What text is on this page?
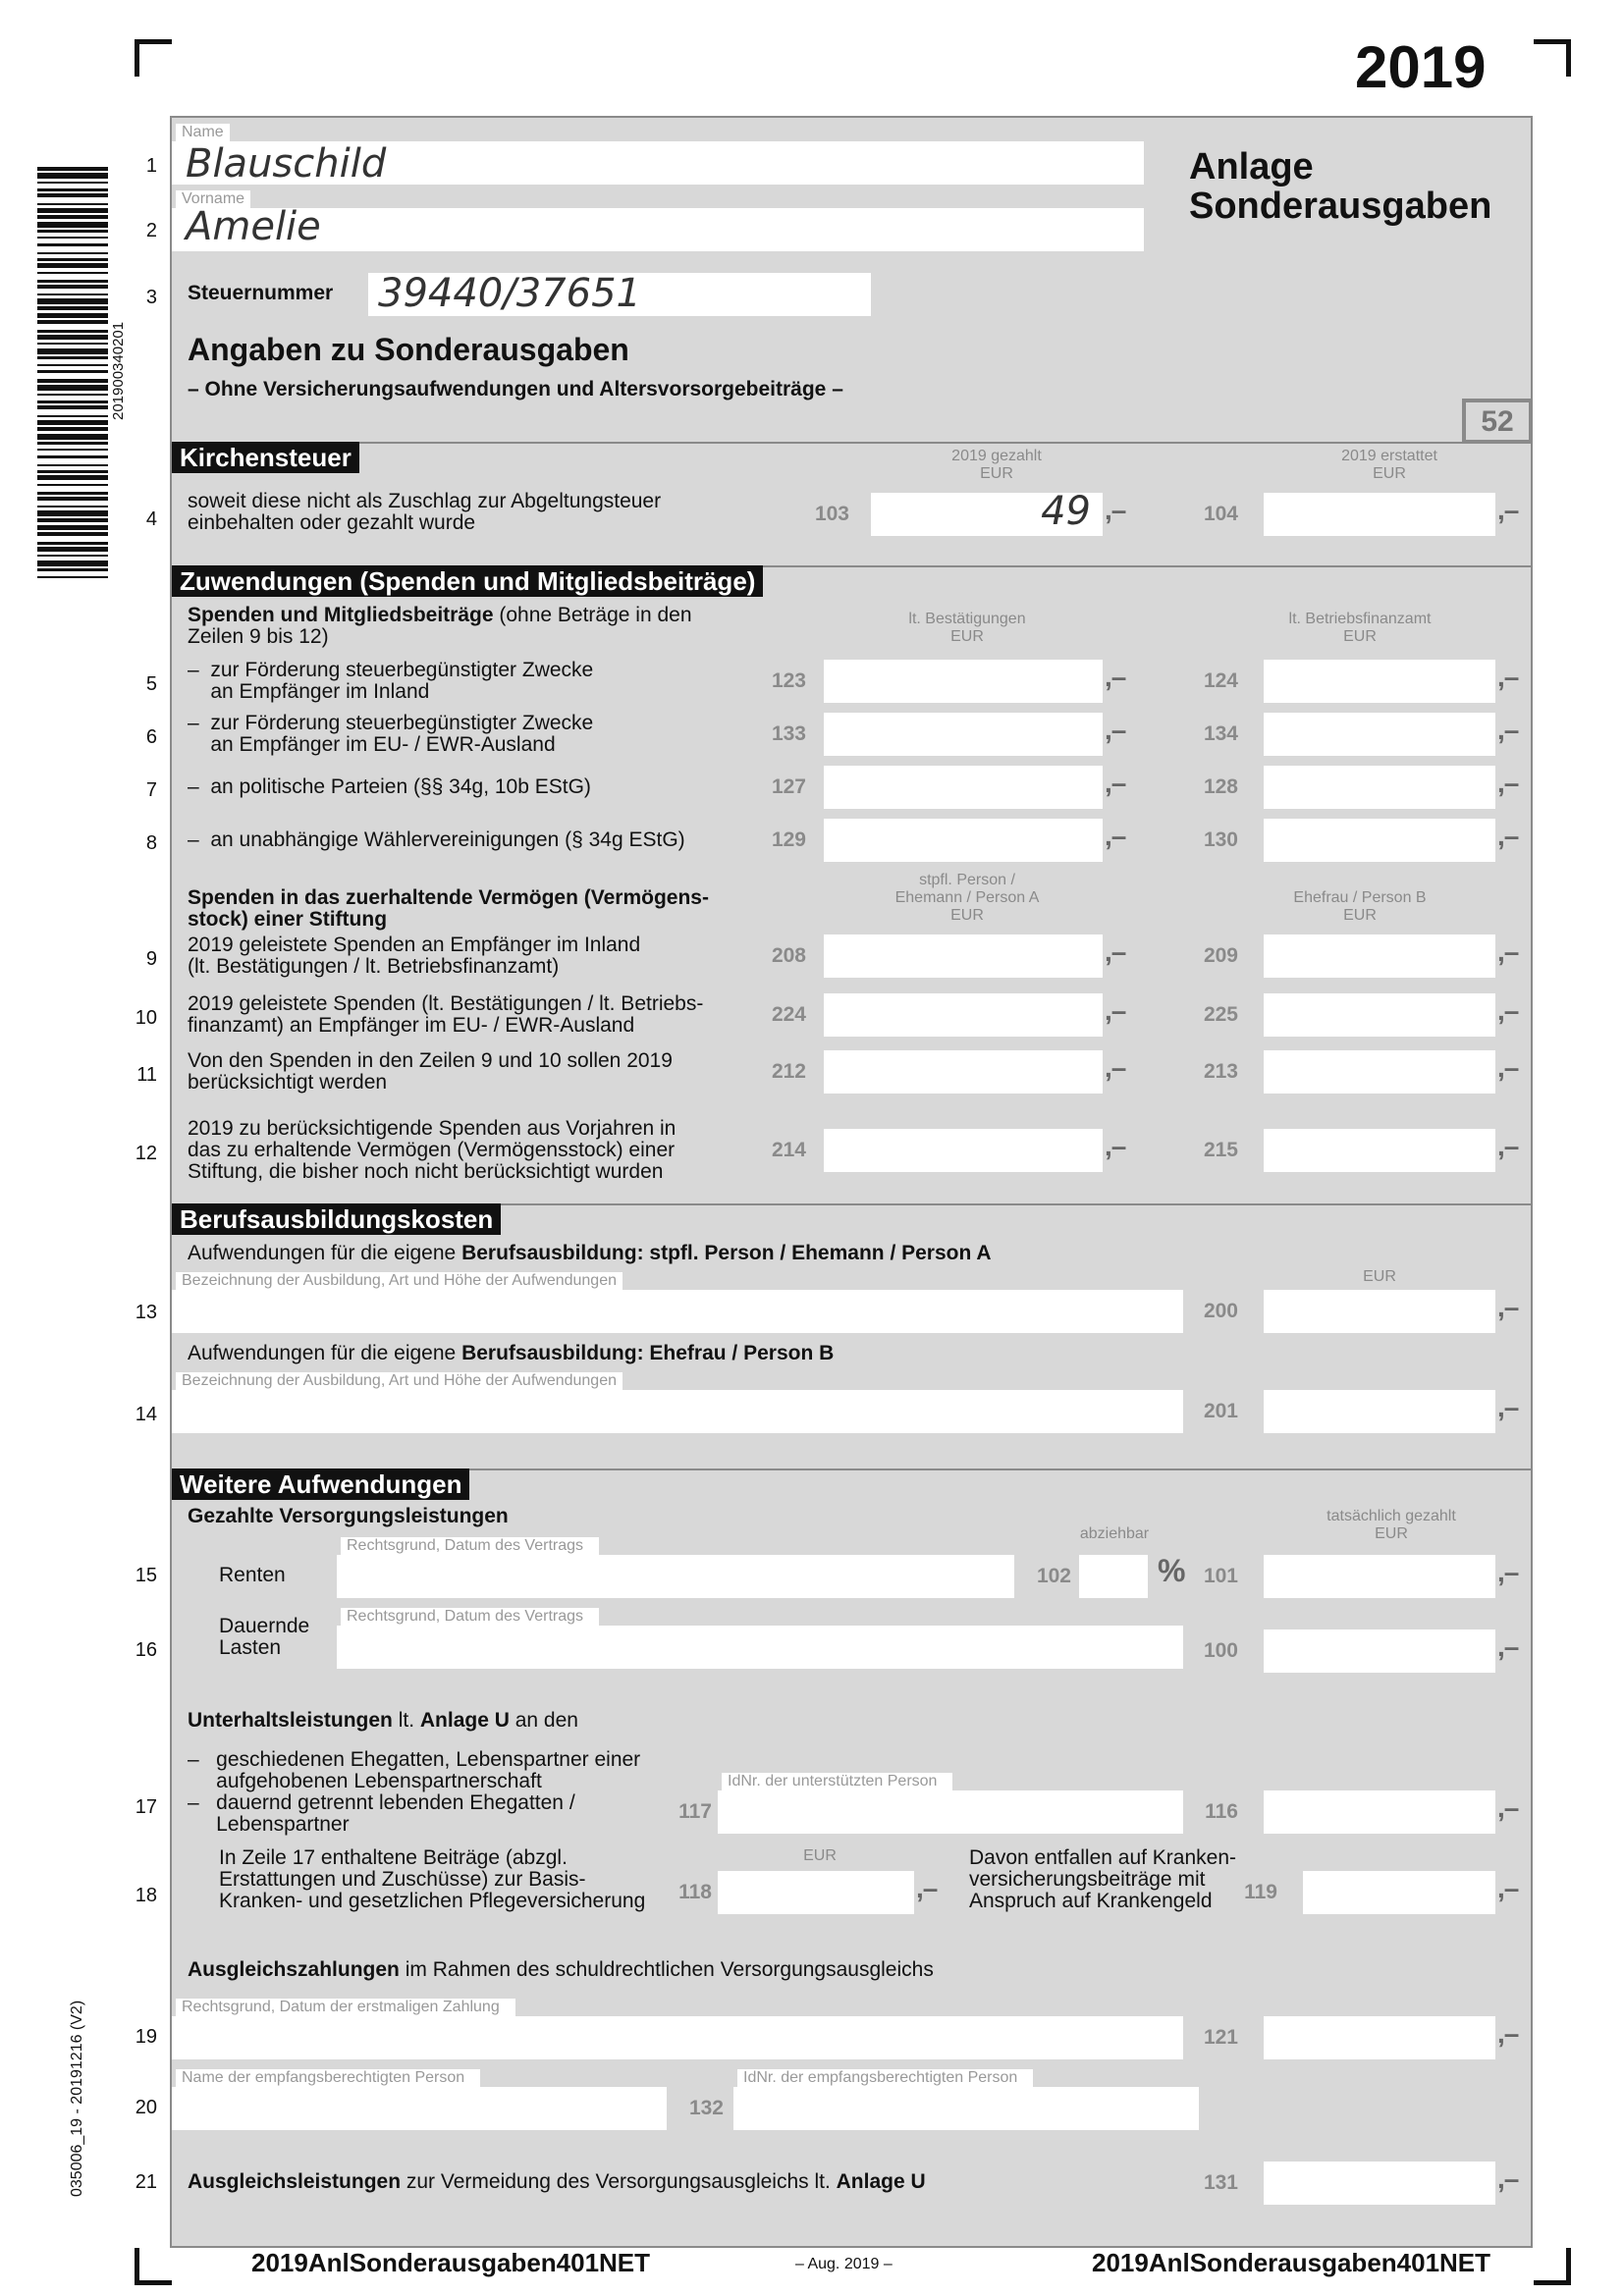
2019
201900340201
035006_19 - 20191216 (V2)
1
2
3
4
5
6
7
8
9
10
11
12
13
14
15
16
17
18
19
20
21
Name
Blauschild
Vorname
Amelie
Anlage
Sonderausgaben
Steuernummer 39440/37651
Angaben zu Sonderausgaben
– Ohne Versicherungsaufwendungen und Altersvorsorgebeiträge –
52
Kirchensteuer	2019 gezahlt
EUR
2019 erstattet
EUR
soweit diese nicht als Zuschlag zur Abgeltungsteuer
einbehalten oder gezahlt wurde	103	49 ,–	104	,–
Zuwendungen (Spenden und Mitgliedsbeiträge)
Spenden und Mitgliedsbeiträge (ohne Beträge in den
Zeilen 9 bis 12)
lt. Bestätigungen
EUR
lt. Betriebsfinanzamt
EUR
–  zur Förderung steuerbegünstigter Zwecke
an Empfänger im Inland	123	,–	124	,–
–  zur Förderung steuerbegünstigter Zwecke
an Empfänger im EU- / EWR-Ausland	133	,–	134	,–
–  an politische Parteien (§§ 34g, 10b EStG)	127	,–	128	,–
–  an unabhängige Wählervereinigungen (§ 34g EStG)	129	,–	130	,–
Spenden in das zuerhaltende Vermögen (Vermögens-
stock) einer Stiftung
stpfl. Person /
Ehemann / Person A
EUR
Ehefrau / Person B
EUR
2019 geleistete Spenden an Empfänger im Inland
(lt. Bestätigungen / lt. Betriebsfinanzamt)	208	,–	209	,–
2019 geleistete Spenden (lt. Bestätigungen / lt. Betriebs-
finanzamt) an Empfänger im EU- / EWR-Ausland	224	,–	225	,–
Von den Spenden in den Zeilen 9 und 10 sollen 2019
berücksichtigt werden	212	,–	213	,–
2019 zu berücksichtigende Spenden aus Vorjahren in
das zu erhaltende Vermögen (Vermögensstock) einer
Stiftung, die bisher noch nicht berücksichtigt wurden
214	,–	215	,–
Berufsausbildungskosten
Aufwendungen für die eigene Berufsausbildung: stpfl. Person / Ehemann / Person A
Bezeichnung der Ausbildung, Art und Höhe der Aufwendungen	EUR
200	,–
Aufwendungen für die eigene Berufsausbildung: Ehefrau / Person B
Bezeichnung der Ausbildung, Art und Höhe der Aufwendungen
201	,–
Weitere Aufwendungen
Gezahlte Versorgungsleistungen
abziehbar
tatsächlich gezahlt
EUR
Renten
Rechtsgrund, Datum des Vertrags
102	% 101	,–
Dauernde
Lasten
Rechtsgrund, Datum des Vertrags
100	,–
Unterhaltsleistungen lt. Anlage U an den
–   geschiedenen Ehegatten, Lebenspartner einer
aufgehobenen Lebenspartnerschaft
–   dauernd getrennt lebenden Ehegatten /
Lebenspartner
IdNr. der unterstützten Person
117	116	,–
In Zeile 17 enthaltene Beiträge (abzgl.
Erstattungen und Zuschüsse) zur Basis-
Kranken- und gesetzlichen Pflegeversicherung
EUR
118	,–
Davon entfallen auf Kranken-
versicherungsbeiträge mit
Anspruch auf Krankengeld	119	,–
Ausgleichszahlungen im Rahmen des schuldrechtlichen Versorgungsausgleichs
Rechtsgrund, Datum der erstmaligen Zahlung
121	,–
Name der empfangsberechtigten Person
132
IdNr. der empfangsberechtigten Person
Ausgleichsleistungen zur Vermeidung des Versorgungsausgleichs lt. Anlage U	131	,–
2019AnlSonderausgaben401NET	– Aug. 2019 –	2019AnlSonderausgaben401NET
